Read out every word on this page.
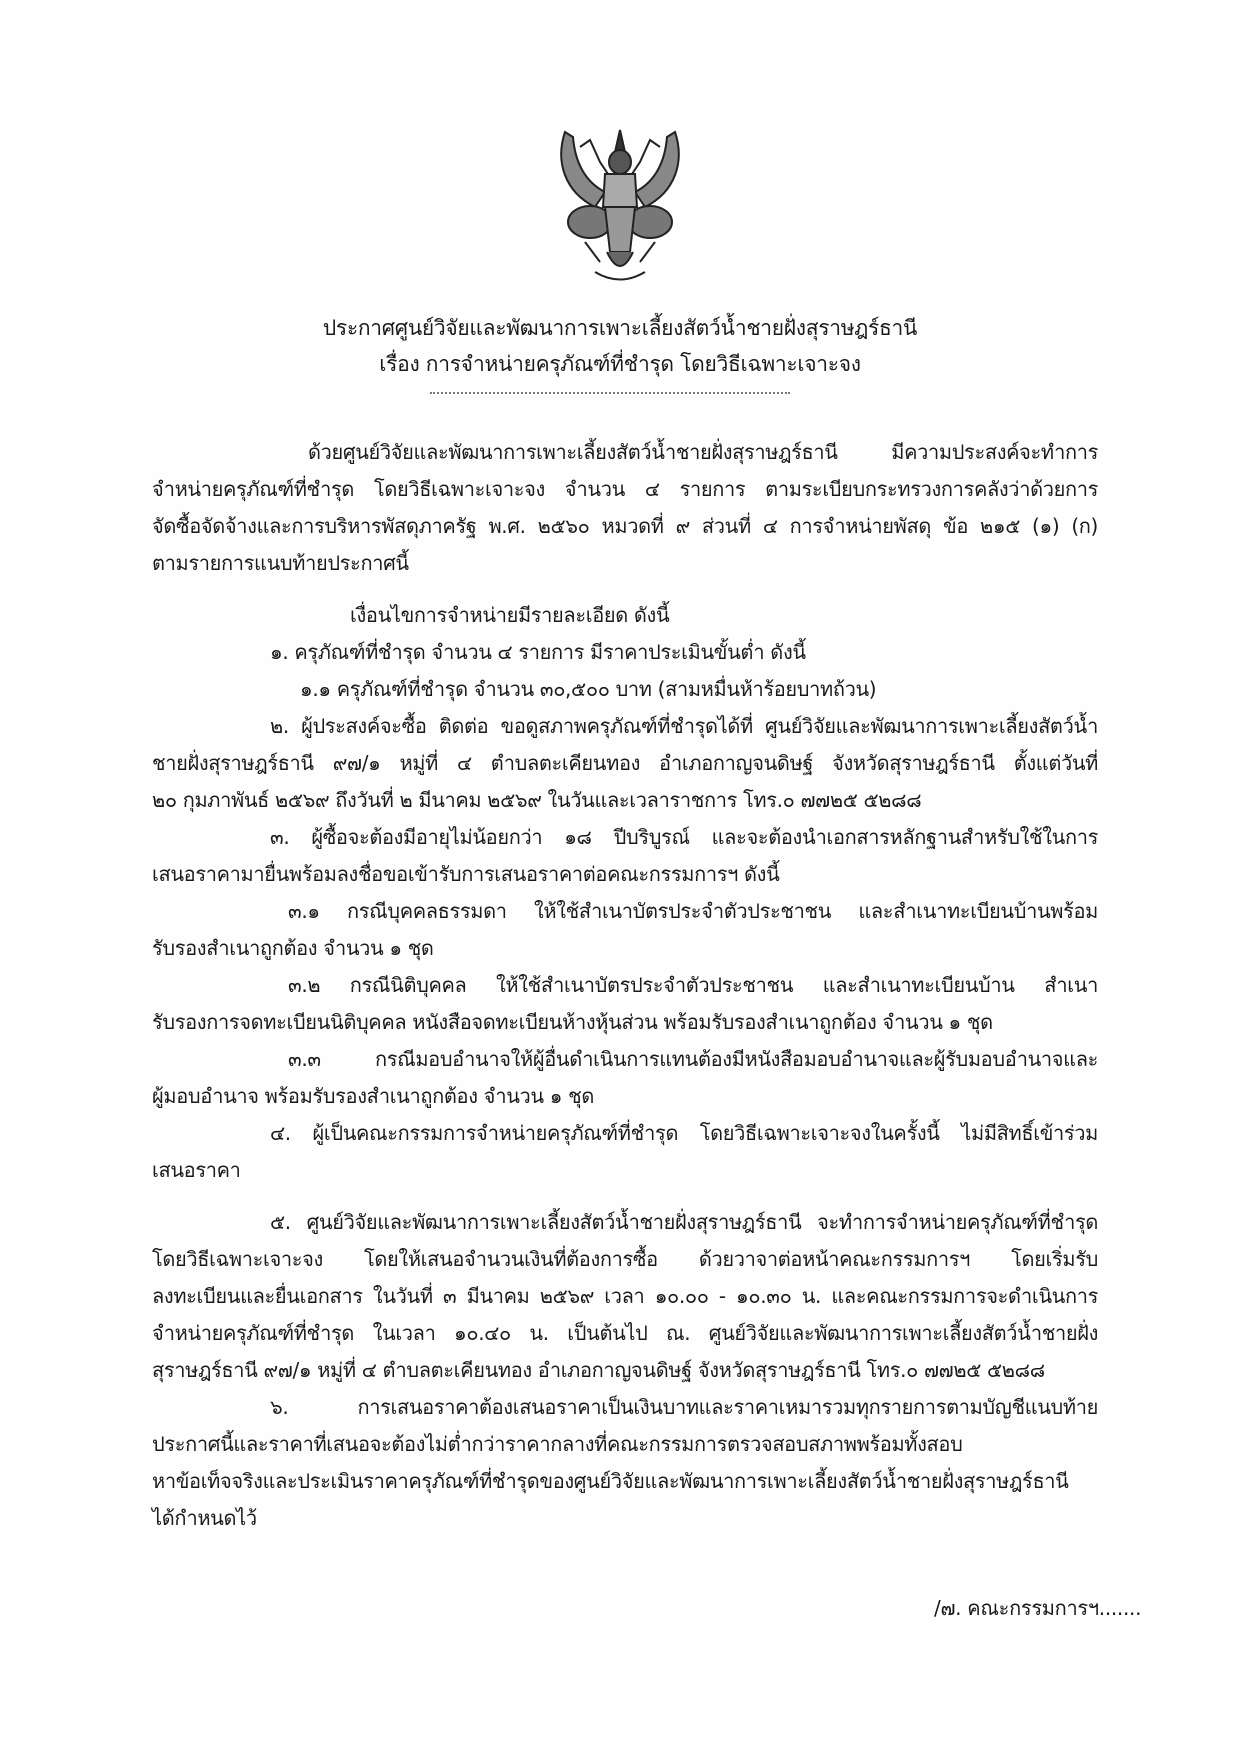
ประกาศศูนย์วิจัยและพัฒนาการเพาะเลี้ยงสัตว์น้ำชายฝั่งสุราษฎร์ธานี
เรื่อง การจำหน่ายครุภัณฑ์ที่ชำรุด โดยวิธีเฉพาะเจาะจง
ด้วยศูนย์วิจัยและพัฒนาการเพาะเลี้ยงสัตว์น้ำชายฝั่งสุราษฎร์ธานี มีความประสงค์จะทำการ
จำหน่ายครุภัณฑ์ที่ชำรุด โดยวิธีเฉพาะเจาะจง จำนวน ๔ รายการ ตามระเบียบกระทรวงการคลังว่าด้วยการ
จัดซื้อจัดจ้างและการบริหารพัสดุภาครัฐ พ.ศ. ๒๕๖๐ หมวดที่ ๙ ส่วนที่ ๔ การจำหน่ายพัสดุ ข้อ ๒๑๕ (๑) (ก)
ตามรายการแนบท้ายประกาศนี้
เงื่อนไขการจำหน่ายมีรายละเอียด ดังนี้
๑. ครุภัณฑ์ที่ชำรุด จำนวน ๔ รายการ มีราคาประเมินขั้นต่ำ ดังนี้
๑.๑ ครุภัณฑ์ที่ชำรุด จำนวน ๓๐,๕๐๐ บาท (สามหมื่นห้าร้อยบาทถ้วน)
๒. ผู้ประสงค์จะซื้อ ติดต่อ ขอดูสภาพครุภัณฑ์ที่ชำรุดได้ที่ ศูนย์วิจัยและพัฒนาการเพาะเลี้ยงสัตว์น้ำ
ชายฝั่งสุราษฎร์ธานี ๙๗/๑ หมู่ที่ ๔ ตำบลตะเคียนทอง อำเภอกาญจนดิษฐ์ จังหวัดสุราษฎร์ธานี ตั้งแต่วันที่
๒๐ กุมภาพันธ์ ๒๕๖๙ ถึงวันที่ ๒ มีนาคม ๒๕๖๙ ในวันและเวลาราชการ โทร.๐ ๗๗๒๕ ๕๒๘๘
๓. ผู้ซื้อจะต้องมีอายุไม่น้อยกว่า ๑๘ ปีบริบูรณ์ และจะต้องนำเอกสารหลักฐานสำหรับใช้ในการ
เสนอราคามายื่นพร้อมลงชื่อขอเข้ารับการเสนอราคาต่อคณะกรรมการฯ ดังนี้
๓.๑ กรณีบุคคลธรรมดา ให้ใช้สำเนาบัตรประจำตัวประชาชน และสำเนาทะเบียนบ้านพร้อม
รับรองสำเนาถูกต้อง จำนวน ๑ ชุด
๓.๒ กรณีนิติบุคคล ให้ใช้สำเนาบัตรประจำตัวประชาชน และสำเนาทะเบียนบ้าน สำเนา
รับรองการจดทะเบียนนิติบุคคล หนังสือจดทะเบียนห้างหุ้นส่วน พร้อมรับรองสำเนาถูกต้อง จำนวน ๑ ชุด
๓.๓ กรณีมอบอำนาจให้ผู้อื่นดำเนินการแทนต้องมีหนังสือมอบอำนาจและผู้รับมอบอำนาจและ
ผู้มอบอำนาจ พร้อมรับรองสำเนาถูกต้อง จำนวน ๑ ชุด
๔. ผู้เป็นคณะกรรมการจำหน่ายครุภัณฑ์ที่ชำรุด โดยวิธีเฉพาะเจาะจงในครั้งนี้ ไม่มีสิทธิ์เข้าร่วม
เสนอราคา
๕. ศูนย์วิจัยและพัฒนาการเพาะเลี้ยงสัตว์น้ำชายฝั่งสุราษฎร์ธานี จะทำการจำหน่ายครุภัณฑ์ที่ชำรุด
โดยวิธีเฉพาะเจาะจง โดยให้เสนอจำนวนเงินที่ต้องการซื้อ ด้วยวาจาต่อหน้าคณะกรรมการฯ โดยเริ่มรับ
ลงทะเบียนและยื่นเอกสาร ในวันที่ ๓ มีนาคม ๒๕๖๙ เวลา ๑๐.๐๐ - ๑๐.๓๐ น. และคณะกรรมการจะดำเนินการ
จำหน่ายครุภัณฑ์ที่ชำรุด ในเวลา ๑๐.๔๐ น. เป็นต้นไป ณ. ศูนย์วิจัยและพัฒนาการเพาะเลี้ยงสัตว์น้ำชายฝั่ง
สุราษฎร์ธานี ๙๗/๑ หมู่ที่ ๔ ตำบลตะเคียนทอง อำเภอกาญจนดิษฐ์ จังหวัดสุราษฎร์ธานี โทร.๐ ๗๗๒๕ ๕๒๘๘
๖. การเสนอราคาต้องเสนอราคาเป็นเงินบาทและราคาเหมารวมทุกรายการตามบัญชีแนบท้าย
ประกาศนี้และราคาที่เสนอจะต้องไม่ต่ำกว่าราคากลางที่คณะกรรมการตรวจสอบสภาพพร้อมทั้งสอบ
หาข้อเท็จจริงและประเมินราคาครุภัณฑ์ที่ชำรุดของศูนย์วิจัยและพัฒนาการเพาะเลี้ยงสัตว์น้ำชายฝั่งสุราษฎร์ธานี
ได้กำหนดไว้
/๗. คณะกรรมการฯ.......
